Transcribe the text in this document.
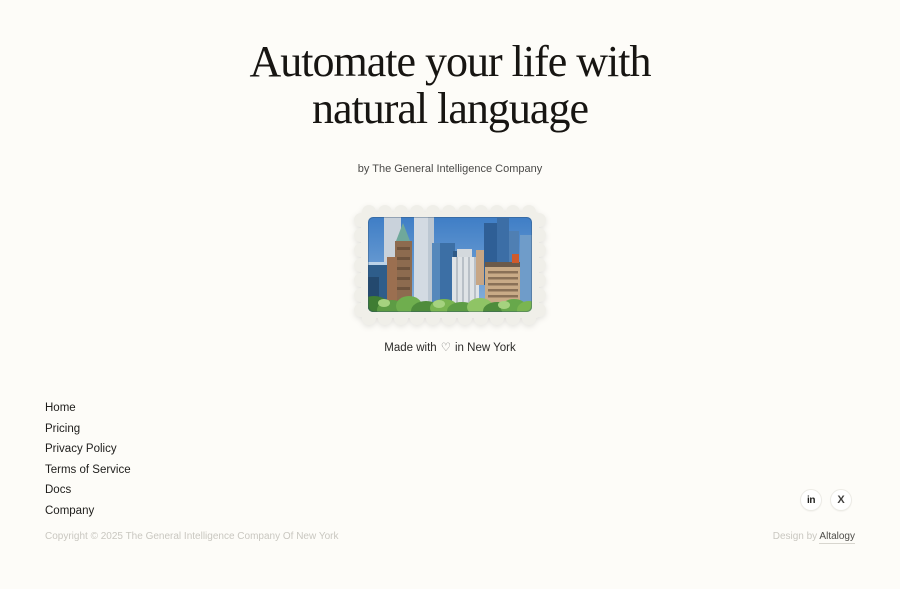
Automate your life with
natural language
by The General Intelligence Company
Made with ♡ in New York
Home
Pricing
Privacy Policy
Terms of Service
Docs
Company
in X
Copyright © 2025 The General Intelligence Company Of New York	Design by Altalogy
